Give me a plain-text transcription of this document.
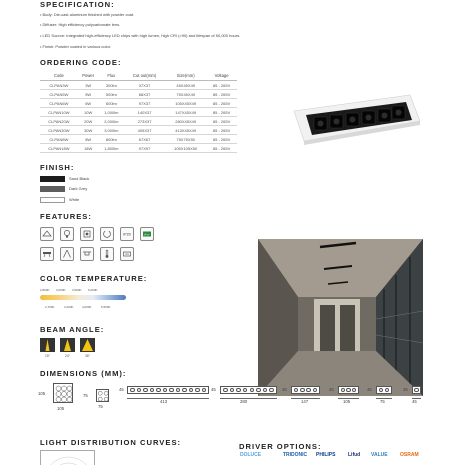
SPECIFICATION:
• Body: Die-cast aluminum finished with powder coat.
• Diffuser: High efficiency polycarbonate lens.
• LED Source: Integrated high-efficiency LED chips with high lumen, high CRI (>90) and lifespan of 50,000 hours.
• Finish: Powder coated in various color.
ORDERING CODE:
Code	Power	Flux	Cut out(mm)	Size(mm)	Voltage
CLPAN3W	3W	300lm	37X37	45X45X49	85 - 265V
CLPAN5W	5W	500lm	68X37	75X45X49	85 - 265V
CLPAN6W	6W	600lm	97X37	105X45X49	85 - 265V
CLPAN10W	10W	1,000lm	140X37	147X45X49	85 - 265V
CLPAN20W	20W	2,000lm	273X37	280X45X49	85 - 265V
CLPAN30W	30W	3,000lm	405X37	413X45X49	85 - 265V
CLPAN8W	8W	800lm	67X67	75X75X50	85 - 265V
CLPAN18W	18W	1,800lm	97X97	105X105X50	85 - 265V
FINISH:
Sand Black
Dark Grey
White
FEATURES:
IP20	A++
COLOR TEMPERATURE:
2,800K 3,000K 3,500K 5,000K
2,700K	3,200K	4,000K	6,500K
BEAM ANGLE:
15°	24°	36°
DIMENSIONS (MM):
105
105
75
75
45
413
45
280
45
147
45
105
45
75
45
45
LIGHT DISTRIBUTION CURVES:	DRIVER OPTIONS:
DOLUCE	TRIDONIC PHILIPS	Lifud VALUE OSRAM
